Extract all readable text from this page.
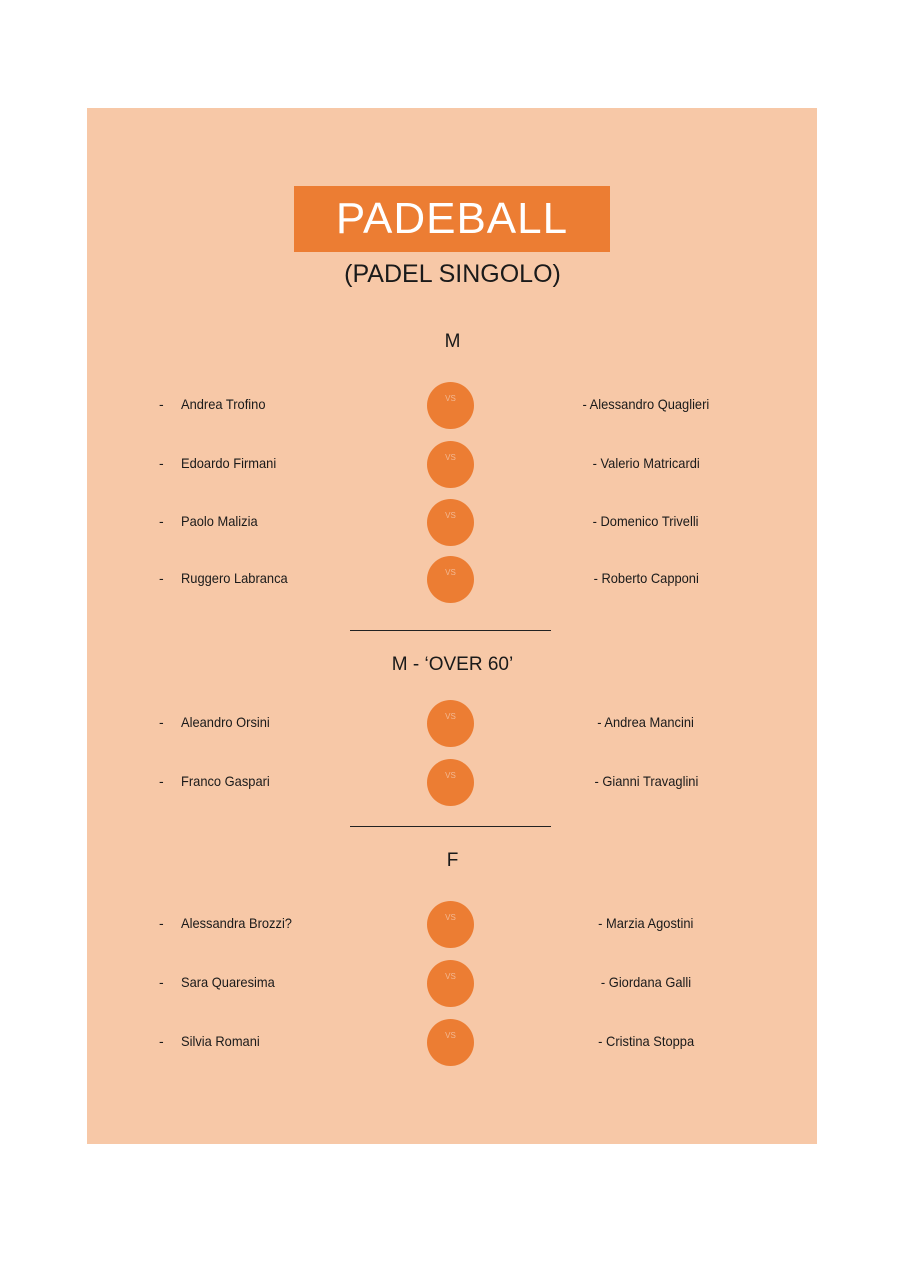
PADEBALL
(PADEL SINGOLO)
M
- Andrea Trofino	VS	- Alessandro Quaglieri
- Edoardo Firmani	VS	- Valerio Matricardi
- Paolo Malizia	VS	- Domenico Trivelli
- Ruggero Labranca	VS	- Roberto Capponi
M - ‘OVER 60’
- Aleandro Orsini	VS	- Andrea Mancini
- Franco Gaspari	VS	- Gianni Travaglini
F
- Alessandra Brozzi?	VS	- Marzia Agostini
- Sara Quaresima	VS	- Giordana Galli
- Silvia Romani	VS	- Cristina Stoppa
